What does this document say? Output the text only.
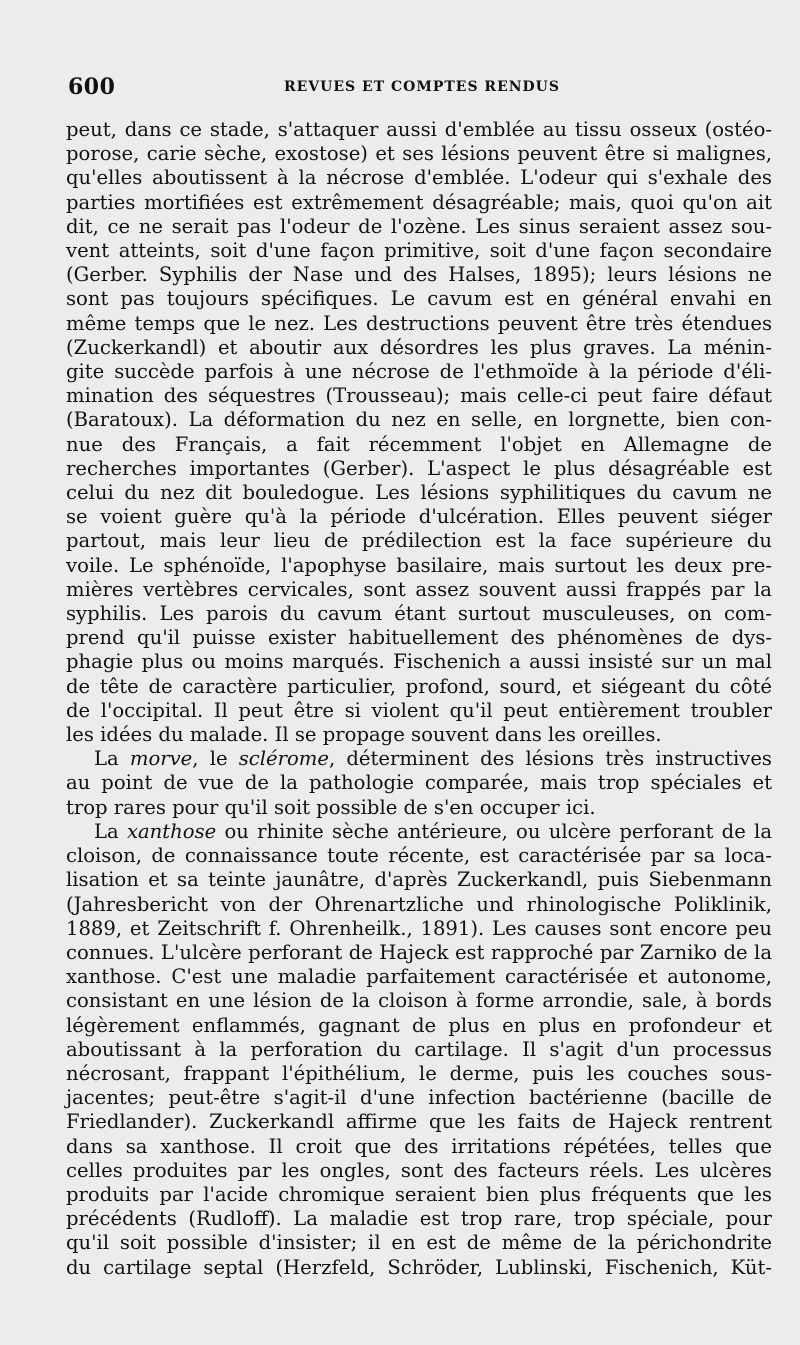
600	REVUES ET COMPTES RENDUS
peut, dans ce stade, s'attaquer aussi d'emblée au tissu osseux (ostéo-
porose, carie sèche, exostose) et ses lésions peuvent être si malignes,
qu'elles aboutissent à la nécrose d'emblée. L'odeur qui s'exhale des
parties mortifiées est extrêmement désagréable; mais, quoi qu'on ait
dit, ce ne serait pas l'odeur de l'ozène. Les sinus seraient assez sou-
vent atteints, soit d'une façon primitive, soit d'une façon secondaire
(Gerber. Syphilis der Nase und des Halses, 1895); leurs lésions ne
sont pas toujours spécifiques. Le cavum est en général envahi en
même temps que le nez. Les destructions peuvent être très étendues
(Zuckerkandl) et aboutir aux désordres les plus graves. La ménin-
gite succède parfois à une nécrose de l'ethmoïde à la période d'éli-
mination des séquestres (Trousseau); mais celle-ci peut faire défaut
(Baratoux). La déformation du nez en selle, en lorgnette, bien con-
nue des Français, a fait récemment l'objet en Allemagne de
recherches importantes (Gerber). L'aspect le plus désagréable est
celui du nez dit bouledogue. Les lésions syphilitiques du cavum ne
se voient guère qu'à la période d'ulcération. Elles peuvent siéger
partout, mais leur lieu de prédilection est la face supérieure du
voile. Le sphénoïde, l'apophyse basilaire, mais surtout les deux pre-
mières vertèbres cervicales, sont assez souvent aussi frappés par la
syphilis. Les parois du cavum étant surtout musculeuses, on com-
prend qu'il puisse exister habituellement des phénomènes de dys-
phagie plus ou moins marqués. Fischenich a aussi insisté sur un mal
de tête de caractère particulier, profond, sourd, et siégeant du côté
de l'occipital. Il peut être si violent qu'il peut entièrement troubler
les idées du malade. Il se propage souvent dans les oreilles.
La morve, le sclérome, déterminent des lésions très instructives
au point de vue de la pathologie comparée, mais trop spéciales et
trop rares pour qu'il soit possible de s'en occuper ici.
La xanthose ou rhinite sèche antérieure, ou ulcère perforant de la
cloison, de connaissance toute récente, est caractérisée par sa loca-
lisation et sa teinte jaunâtre, d'après Zuckerkandl, puis Siebenmann
(Jahresbericht von der Ohrenartzliche und rhinologische Poliklinik,
1889, et Zeitschrift f. Ohrenheilk., 1891). Les causes sont encore peu
connues. L'ulcère perforant de Hajeck est rapproché par Zarniko de la
xanthose. C'est une maladie parfaitement caractérisée et autonome,
consistant en une lésion de la cloison à forme arrondie, sale, à bords
légèrement enflammés, gagnant de plus en plus en profondeur et
aboutissant à la perforation du cartilage. Il s'agit d'un processus
nécrosant, frappant l'épithélium, le derme, puis les couches sous-
jacentes; peut-être s'agit-il d'une infection bactérienne (bacille de
Friedlander). Zuckerkandl affirme que les faits de Hajeck rentrent
dans sa xanthose. Il croit que des irritations répétées, telles que
celles produites par les ongles, sont des facteurs réels. Les ulcères
produits par l'acide chromique seraient bien plus fréquents que les
précédents (Rudloff). La maladie est trop rare, trop spéciale, pour
qu'il soit possible d'insister; il en est de même de la périchondrite
du cartilage septal (Herzfeld, Schröder, Lublinski, Fischenich, Küt-
